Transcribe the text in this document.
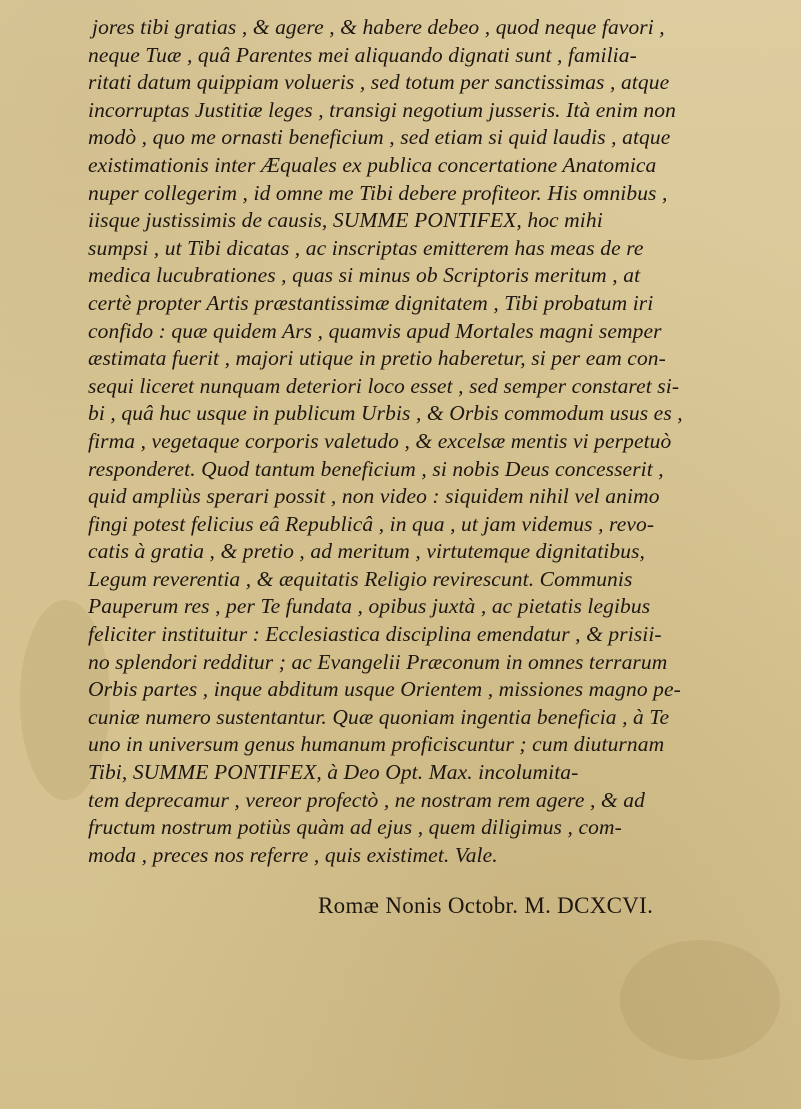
jores tibi gratias , & agere , & habere debeo , quod neque favori ,
neque Tuæ , quâ Parentes mei aliquando dignati sunt , familia-
ritati datum quippiam volueris , sed totum per sanctissimas , atque
incorruptas Justitiæ leges , transigi negotium jusseris. Ità enim non
modò , quo me ornasti beneficium , sed etiam si quid laudis , atque
existimationis inter Æquales ex publica concertatione Anatomica
nuper collegerim , id omne me Tibi debere profiteor. His omnibus ,
iisque justissimis de causis, SUMME PONTIFEX, hoc mihi
sumpsi , ut Tibi dicatas , ac inscriptas emitterem has meas de re
medica lucubrationes , quas si minus ob Scriptoris meritum , at
certè propter Artis præstantissimæ dignitatem , Tibi probatum iri
confido : quæ quidem Ars , quamvis apud Mortales magni semper
æstimata fuerit , majori utique in pretio haberetur, si per eam con-
sequi liceret nunquam deteriori loco esset , sed semper constaret si-
bi , quâ huc usque in publicum Urbis , & Orbis commodum usus es ,
firma , vegetaque corporis valetudo , & excelsæ mentis vi perpetuò
responderet. Quod tantum beneficium , si nobis Deus concesserit ,
quid ampliùs sperari possit , non video : siquidem nihil vel animo
fingi potest felicius eâ Republicâ , in qua , ut jam videmus , revo-
catis à gratia , & pretio , ad meritum , virtutemque dignitatibus,
Legum reverentia , & æquitatis Religio revirescunt. Communis
Pauperum res , per Te fundata , opibus juxtà , ac pietatis legibus
feliciter instituitur : Ecclesiastica disciplina emendatur , & prisii-
no splendori redditur ; ac Evangelii Præconum in omnes terrarum
Orbis partes , inque abditum usque Orientem , missiones magno pe-
cuniæ numero sustentantur. Quæ quoniam ingentia beneficia , à Te
uno in universum genus humanum proficiscuntur ; cum diuturnam
Tibi, SUMME PONTIFEX, à Deo Opt. Max. incolumita-
tem deprecamur , vereor profectò , ne nostram rem agere , & ad
fructum nostrum potiùs quàm ad ejus , quem diligimus , com-
moda , preces nos referre , quis existimet. Vale.
Romæ Nonis Octobr. M. DCXCVI.
